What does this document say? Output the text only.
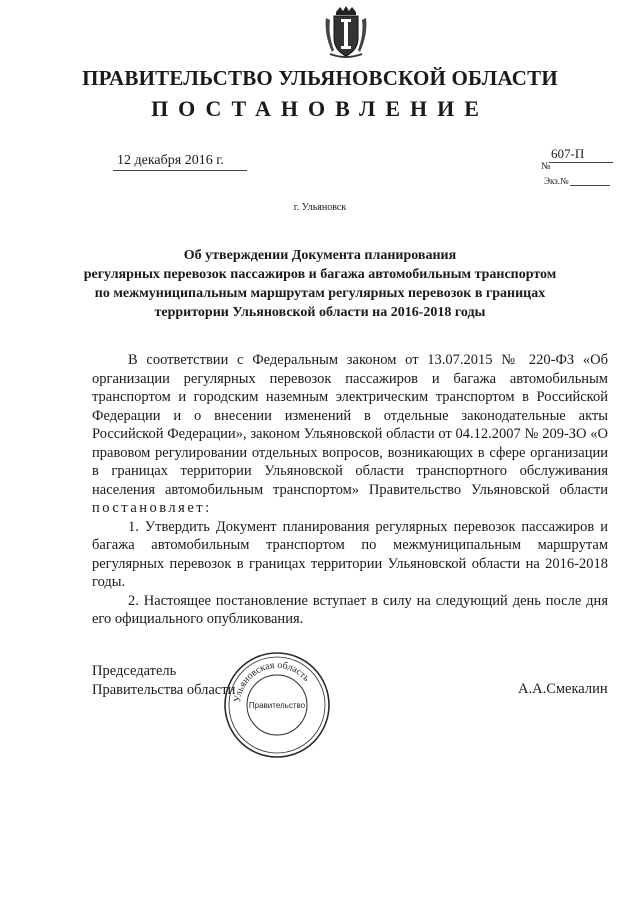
ПРАВИТЕЛЬСТВО УЛЬЯНОВСКОЙ ОБЛАСТИ
ПОСТАНОВЛЕНИЕ
12 декабря 2016 г.	№
607-П
Экз.№
г. Ульяновск
Об утверждении Документа планирования
регулярных перевозок пассажиров и багажа автомобильным транспортом
по межмуниципальным маршрутам регулярных перевозок в границах
территории Ульяновской области на 2016-2018 годы

В соответствии с Федеральным законом от 13.07.2015 № 220-ФЗ «Об организации регулярных перевозок пассажиров и багажа автомобильным транспортом и городским наземным электрическим транспортом в Российской Федерации и о внесении изменений в отдельные законодательные акты Российской Федерации», законом Ульяновской области от 04.12.2007 № 209-ЗО «О правовом регулировании отдельных вопросов, возникающих в сфере организации в границах территории Ульяновской области транспортного обслуживания населения автомобильным транспортом» Правительство Ульяновской области постановляет:

1. Утвердить Документ планирования регулярных перевозок пассажиров и багажа автомобильным транспортом по межмуниципальным маршрутам регулярных перевозок в границах территории Ульяновской области на 2016-2018 годы.

2. Настоящее постановление вступает в силу на следующий день после дня его официального опубликования.

Председатель
Правительства области
Ульяновская область
Правительство
А.А.Смекалин
